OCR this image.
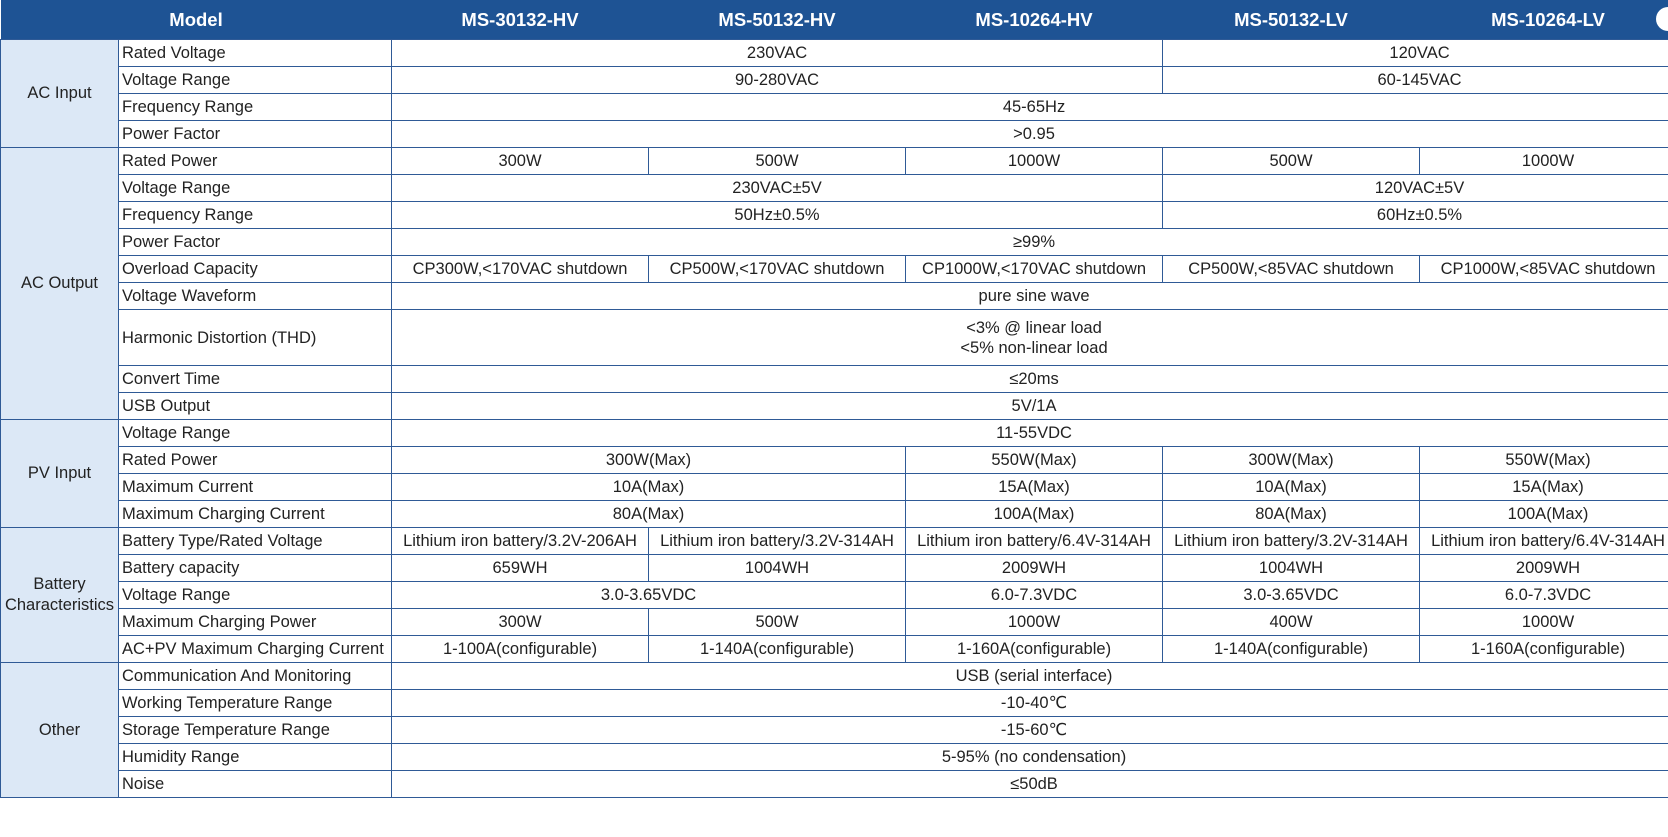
Model		MS-30132-HV	MS-50132-HV	MS-10264-HV	MS-50132-LV	MS-10264-LV
AC Input	Rated Voltage	230VAC			120VAC	
	Voltage Range	90-280VAC			60-145VAC	
	Frequency Range	45-65Hz				
	Power Factor	>0.95				
AC Output	Rated Power	300W	500W	1000W	500W	1000W
	Voltage Range	230VAC±5V			120VAC±5V	
	Frequency Range	50Hz±0.5%			60Hz±0.5%	
	Power Factor	≥99%				
	Overload Capacity	CP300W,<170VAC shutdown	CP500W,<170VAC shutdown	CP1000W,<170VAC shutdown	CP500W,<85VAC shutdown	CP1000W,<85VAC shutdown
	Voltage Waveform	pure sine wave				
	Harmonic Distortion (THD)	<3% @ linear load
<5% non-linear load				

	Convert Time	≤20ms				
	USB Output	5V/1A				
PV Input	Voltage Range	11-55VDC				
	Rated Power	300W(Max)		550W(Max)	300W(Max)	550W(Max)
	Maximum Current	10A(Max)		15A(Max)	10A(Max)	15A(Max)
	Maximum Charging Current	80A(Max)		100A(Max)	80A(Max)	100A(Max)
Battery Characteristics	Battery Type/Rated Voltage	Lithium iron battery/3.2V-206AH	Lithium iron battery/3.2V-314AH	Lithium iron battery/6.4V-314AH	Lithium iron battery/3.2V-314AH	Lithium iron battery/6.4V-314AH
	Battery capacity	659WH	1004WH	2009WH	1004WH	2009WH
	Voltage Range	3.0-3.65VDC		6.0-7.3VDC	3.0-3.65VDC	6.0-7.3VDC
	Maximum Charging Power	300W	500W	1000W	400W	1000W
	AC+PV Maximum Charging Current	1-100A(configurable)	1-140A(configurable)	1-160A(configurable)	1-140A(configurable)	1-160A(configurable)
Other	Communication And Monitoring	USB (serial interface)				
	Working Temperature Range	-10-40℃				
	Storage Temperature Range	-15-60℃				
	Humidity Range	5-95% (no condensation)				
	Noise	≤50dB				
